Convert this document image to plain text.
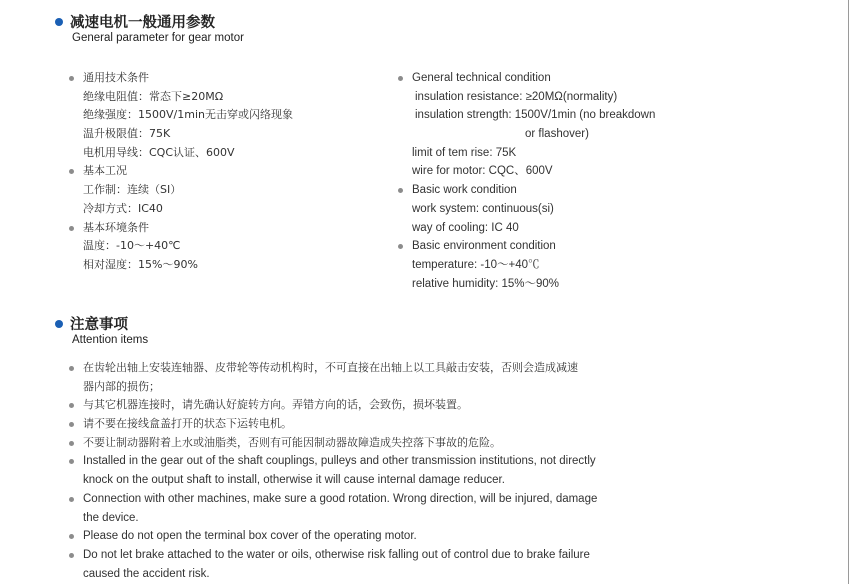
减速电机一般通用参数
General parameter for gear motor
通用技术条件
绝缘电阻值：常态下≥20MΩ
绝缘强度：1500V/1min无击穿或闪络现象
温升极限值：75K
电机用导线：CQC认证、600V
基本工况
工作制：连续（SI）
冷却方式：IC40
基本环境条件
温度：-10～+40℃
相对湿度：15%～90%
General technical condition
insulation resistance: ≥20MΩ(normality)
insulation strength: 1500V/1min (no breakdown
or flashover)
limit of tem rise: 75K
wire for motor: CQC、600V
Basic work condition
work system: continuous(si)
way of cooling: IC 40
Basic environment condition
temperature: -10～+40℃
relative humidity: 15%～90%
注意事项
Attention items
在齿轮出轴上安装连轴器、皮带轮等传动机构时，不可直接在出轴上以工具敲击安装，否则会造成减速
器内部的损伤；
与其它机器连接时，请先确认好旋转方向。弄错方向的话，会致伤，损坏装置。
请不要在接线盒盖打开的状态下运转电机。
不要让制动器附着上水或油脂类，否则有可能因制动器故障造成失控落下事故的危险。
Installed in the gear out of the shaft couplings, pulleys and other transmission institutions, not directly
knock on the output shaft to install, otherwise it will cause internal damage reducer.
Connection with other machines, make sure a good rotation. Wrong direction, will be injured, damage
the device.
Please do not open the terminal box cover of the operating motor.
Do not let brake attached to the water or oils, otherwise risk falling out of control due to brake failure
caused the accident risk.
